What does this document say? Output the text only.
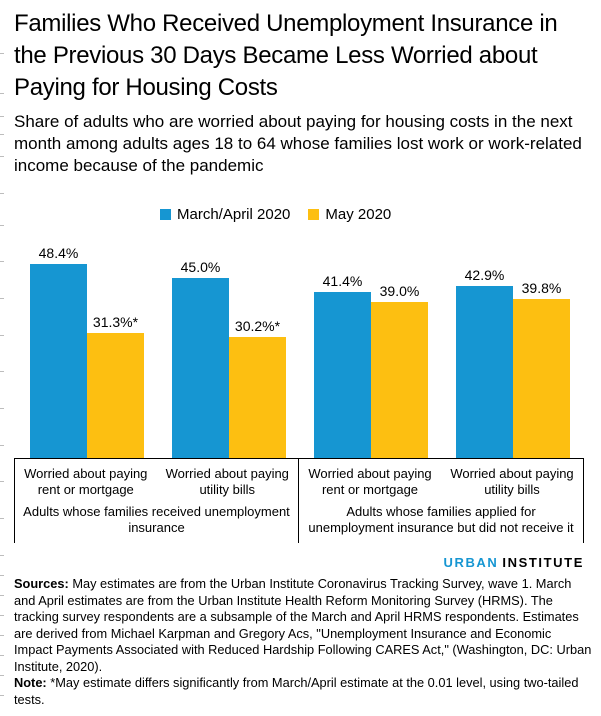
Families Who Received Unemployment Insurance in the Previous 30 Days Became Less Worried about Paying for Housing Costs

Share of adults who are worried about paying for housing costs in the next month among adults ages 18 to 64 whose families lost work or work-related income because of the pandemic

March/April 2020 May 2020
48.4%
31.3%*
45.0%
30.2%*
41.4%
39.0%
42.9%
39.8%
Worried about paying rent or mortgage
Worried about paying utility bills
Adults whose families received unemployment insurance
Worried about paying rent or mortgage
Worried about paying utility bills
Adults whose families applied for unemployment insurance but did not receive it
URBAN INSTITUTE

Sources: May estimates are from the Urban Institute Coronavirus Tracking Survey, wave 1. March and April estimates are from the Urban Institute Health Reform Monitoring Survey (HRMS). The tracking survey respondents are a subsample of the March and April HRMS respondents. Estimates are derived from Michael Karpman and Gregory Acs, "Unemployment Insurance and Economic Impact Payments Associated with Reduced Hardship Following CARES Act," (Washington, DC: Urban Institute, 2020).

Note: *May estimate differs significantly from March/April estimate at the 0.01 level, using two-tailed tests.
